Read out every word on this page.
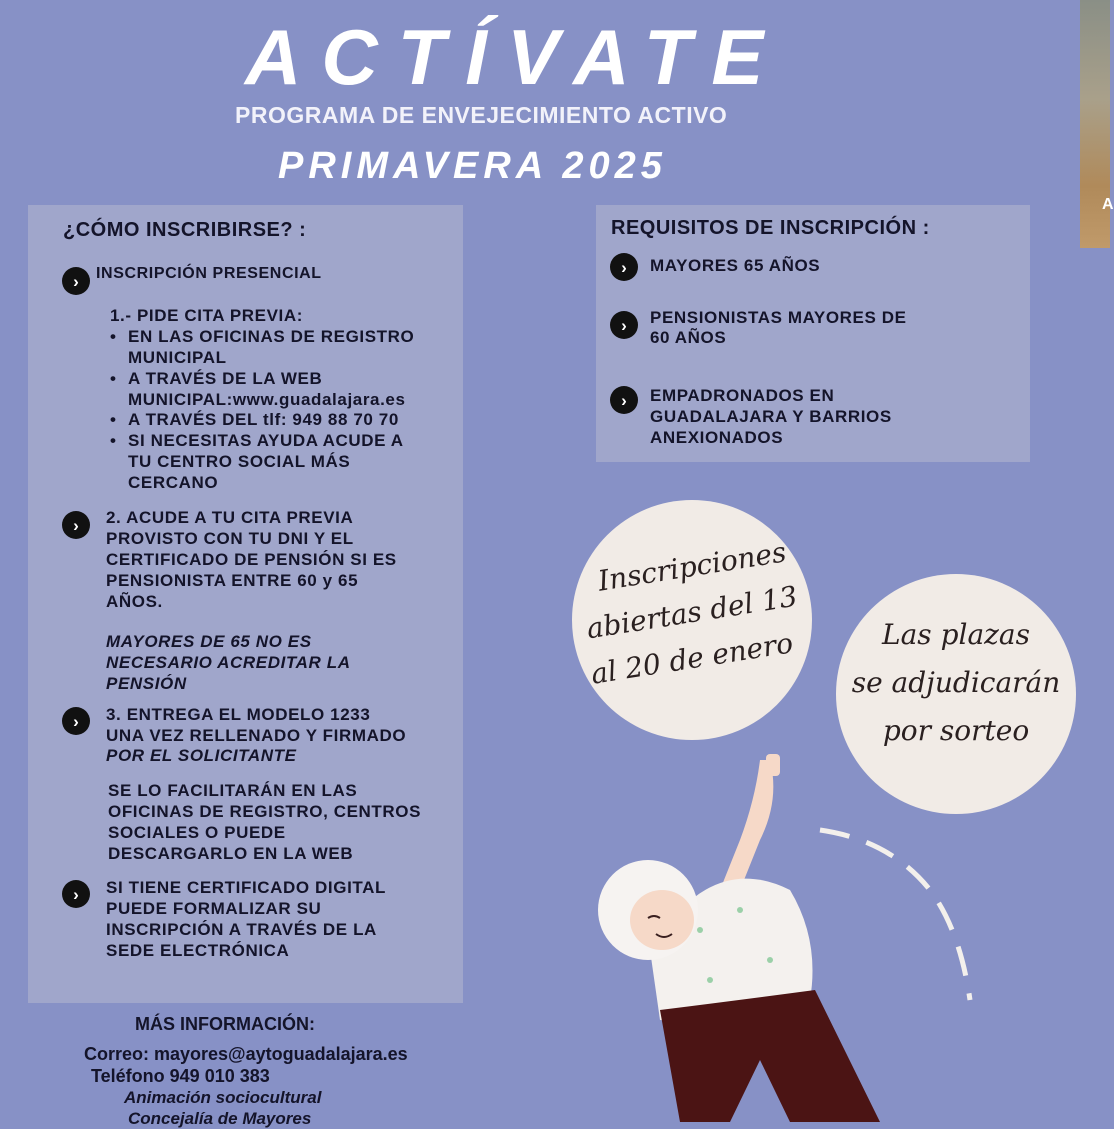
A
ACTÍVATE
PROGRAMA DE ENVEJECIMIENTO ACTIVO
PRIMAVERA 2025
¿CÓMO INSCRIBIRSE? :
›	INSCRIPCIÓN PRESENCIAL
1.- PIDE CITA PREVIA:
• EN LAS OFICINAS DE REGISTRO
MUNICIPAL
• A TRAVÉS DE LA WEB
MUNICIPAL:www.guadalajara.es
• A TRAVÉS DEL tlf: 949 88 70 70
• SI NECESITAS AYUDA ACUDE A
TU CENTRO SOCIAL MÁS
CERCANO
›	2. ACUDE A TU CITA PREVIA
PROVISTO CON TU DNI Y EL
CERTIFICADO DE PENSIÓN SI ES
PENSIONISTA ENTRE 60 y 65
AÑOS.
MAYORES DE 65 NO ES
NECESARIO ACREDITAR LA
PENSIÓN
›	3. ENTREGA EL MODELO 1233
UNA VEZ RELLENADO Y FIRMADO
POR EL SOLICITANTE
SE LO FACILITARÁN EN LAS
OFICINAS DE REGISTRO, CENTROS
SOCIALES O PUEDE
DESCARGARLO EN LA WEB
›	SI TIENE CERTIFICADO DIGITAL
PUEDE FORMALIZAR SU
INSCRIPCIÓN A TRAVÉS DE LA
SEDE ELECTRÓNICA
REQUISITOS DE INSCRIPCIÓN :
›	MAYORES 65 AÑOS
›	PENSIONISTAS MAYORES DE
60 AÑOS
›	EMPADRONADOS EN
GUADALAJARA Y BARRIOS
ANEXIONADOS
Inscripciones
abiertas del 13
al 20 de enero	Las plazas
se adjudicarán
por sorteo
MÁS INFORMACIÓN:
Correo: mayores@aytoguadalajara.es
Teléfono 949 010 383
Animación sociocultural
Concejalía de Mayores
